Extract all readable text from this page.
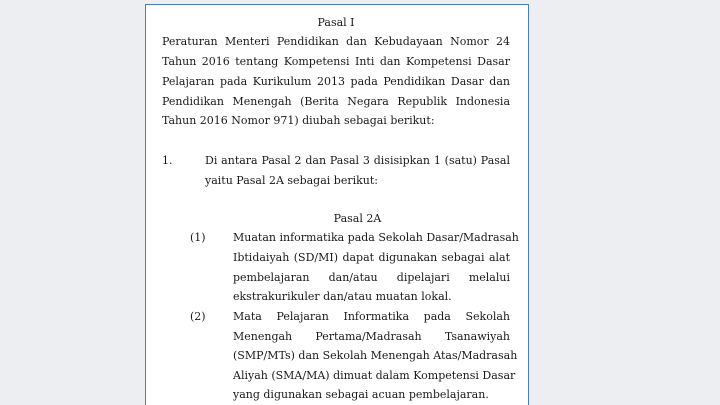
Pasal I
Peraturan Menteri Pendidikan dan Kebudayaan Nomor 24
Tahun 2016 tentang Kompetensi Inti dan Kompetensi Dasar
Pelajaran pada Kurikulum 2013 pada Pendidikan Dasar dan
Pendidikan Menengah (Berita Negara Republik Indonesia
Tahun 2016 Nomor 971) diubah sebagai berikut:
1.	Di antara Pasal 2 dan Pasal 3 disisipkan 1 (satu) Pasal
yaitu Pasal 2A sebagai berikut:
Pasal 2A
(1) Muatan informatika pada Sekolah Dasar/Madrasah
Ibtidaiyah (SD/MI) dapat digunakan sebagai alat
pembelajaran dan/atau dipelajari melalui
ekstrakurikuler dan/atau muatan lokal.
(2) Mata Pelajaran Informatika pada Sekolah
Menengah Pertama/Madrasah Tsanawiyah
(SMP/MTs) dan Sekolah Menengah Atas/Madrasah
Aliyah (SMA/MA) dimuat dalam Kompetensi Dasar
yang digunakan sebagai acuan pembelajaran.
